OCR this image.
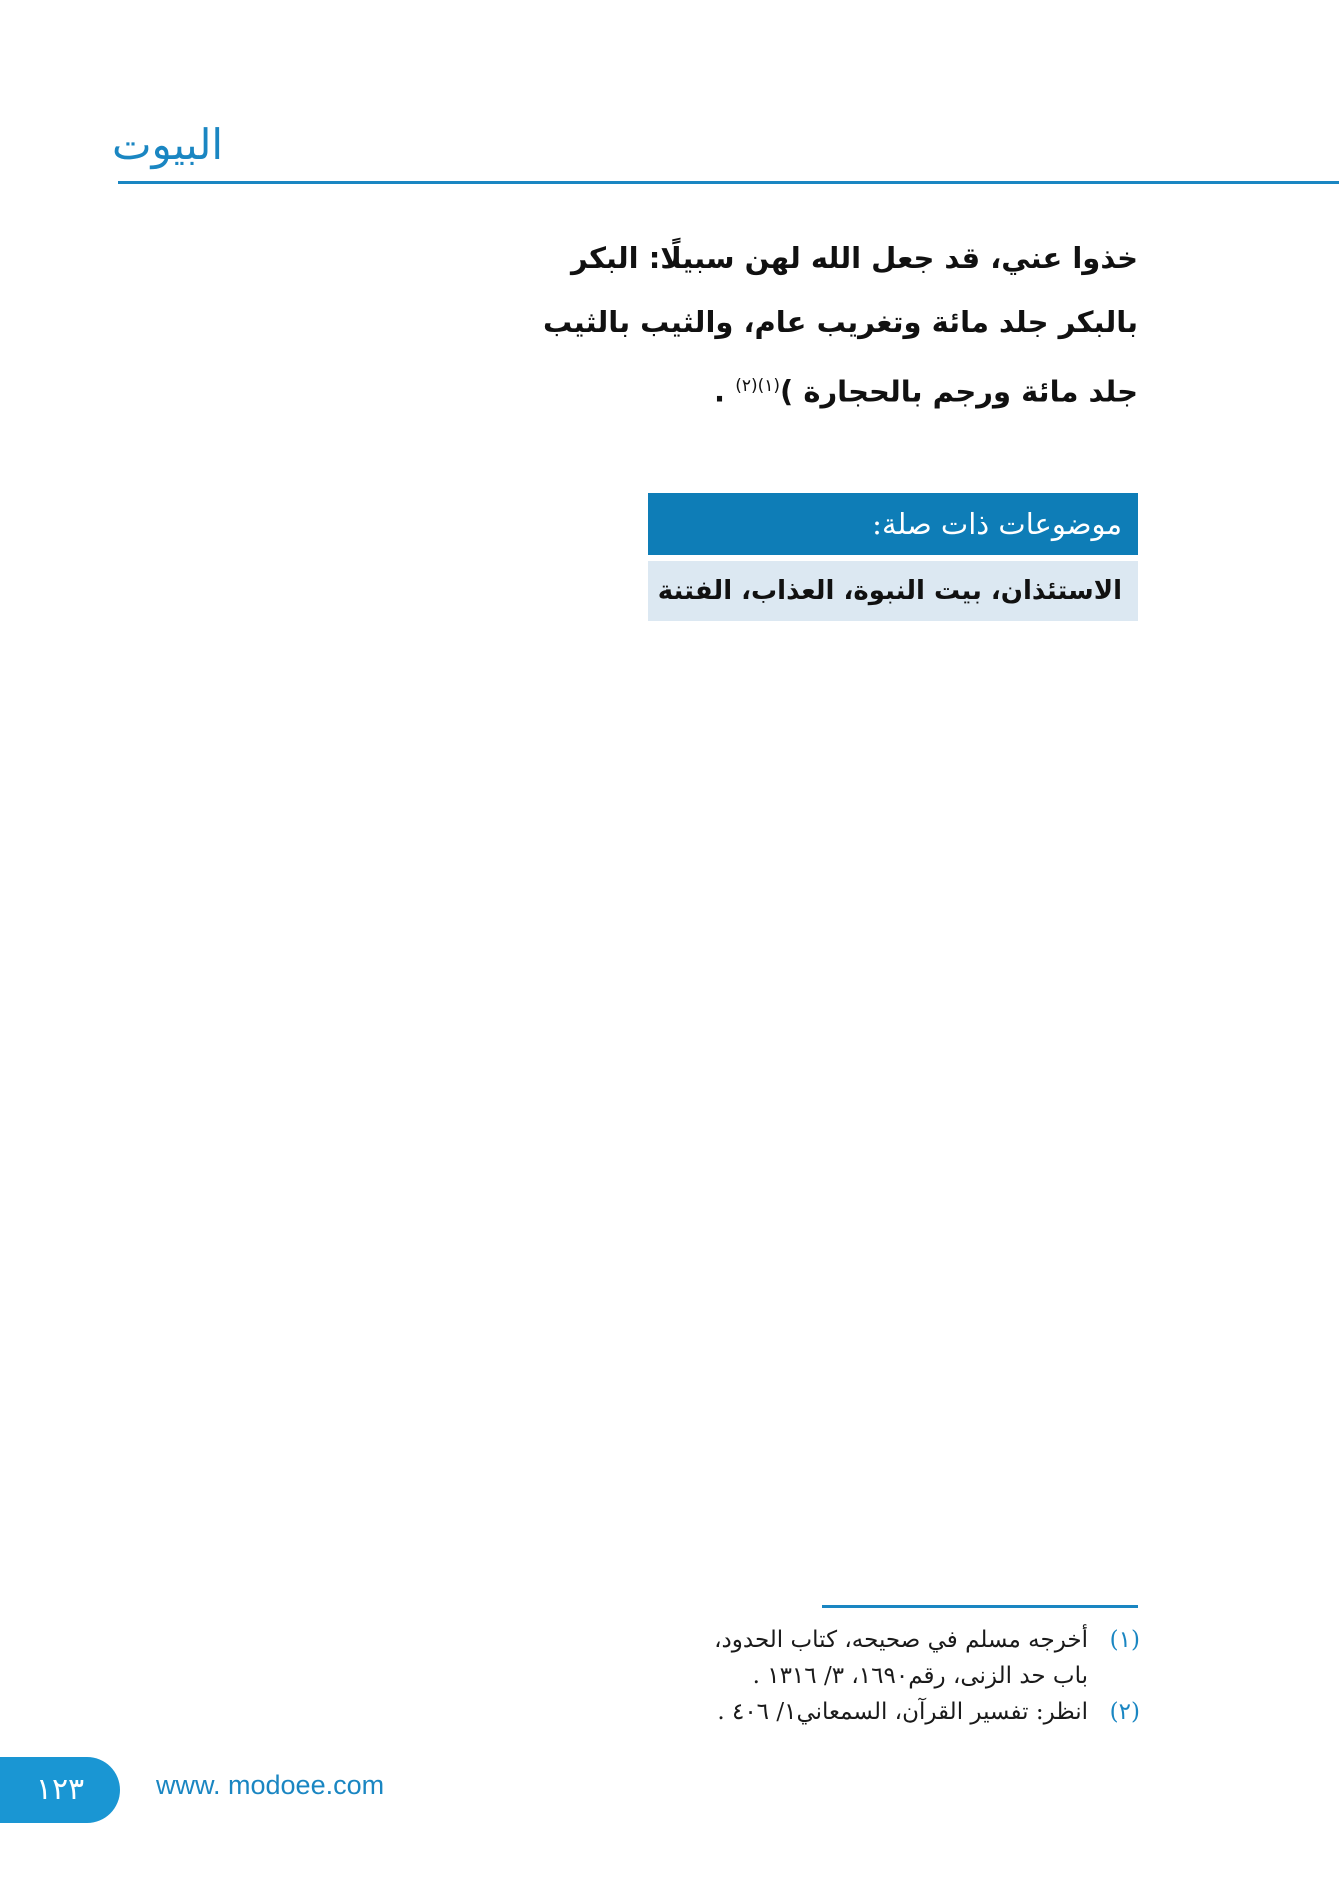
البيوت
خذوا عني، قد جعل الله لهن سبيلًا: البكر
بالبكر جلد مائة وتغريب عام، والثيب بالثيب
جلد مائة ورجم بالحجارة )$^{(١)(٢)}$ .
موضوعات ذات صلة:
الاستئذان، بيت النبوة، العذاب، الفتنة
(١)
أخرجه مسلم في صحيحه، كتاب الحدود،
باب حد الزنى، رقم١٦٩٠، ٣/ ١٣١٦ .
(٢)
انظر: تفسير القرآن، السمعاني١/ ٤٠٦ .
١٢٣	www. modoee.com
